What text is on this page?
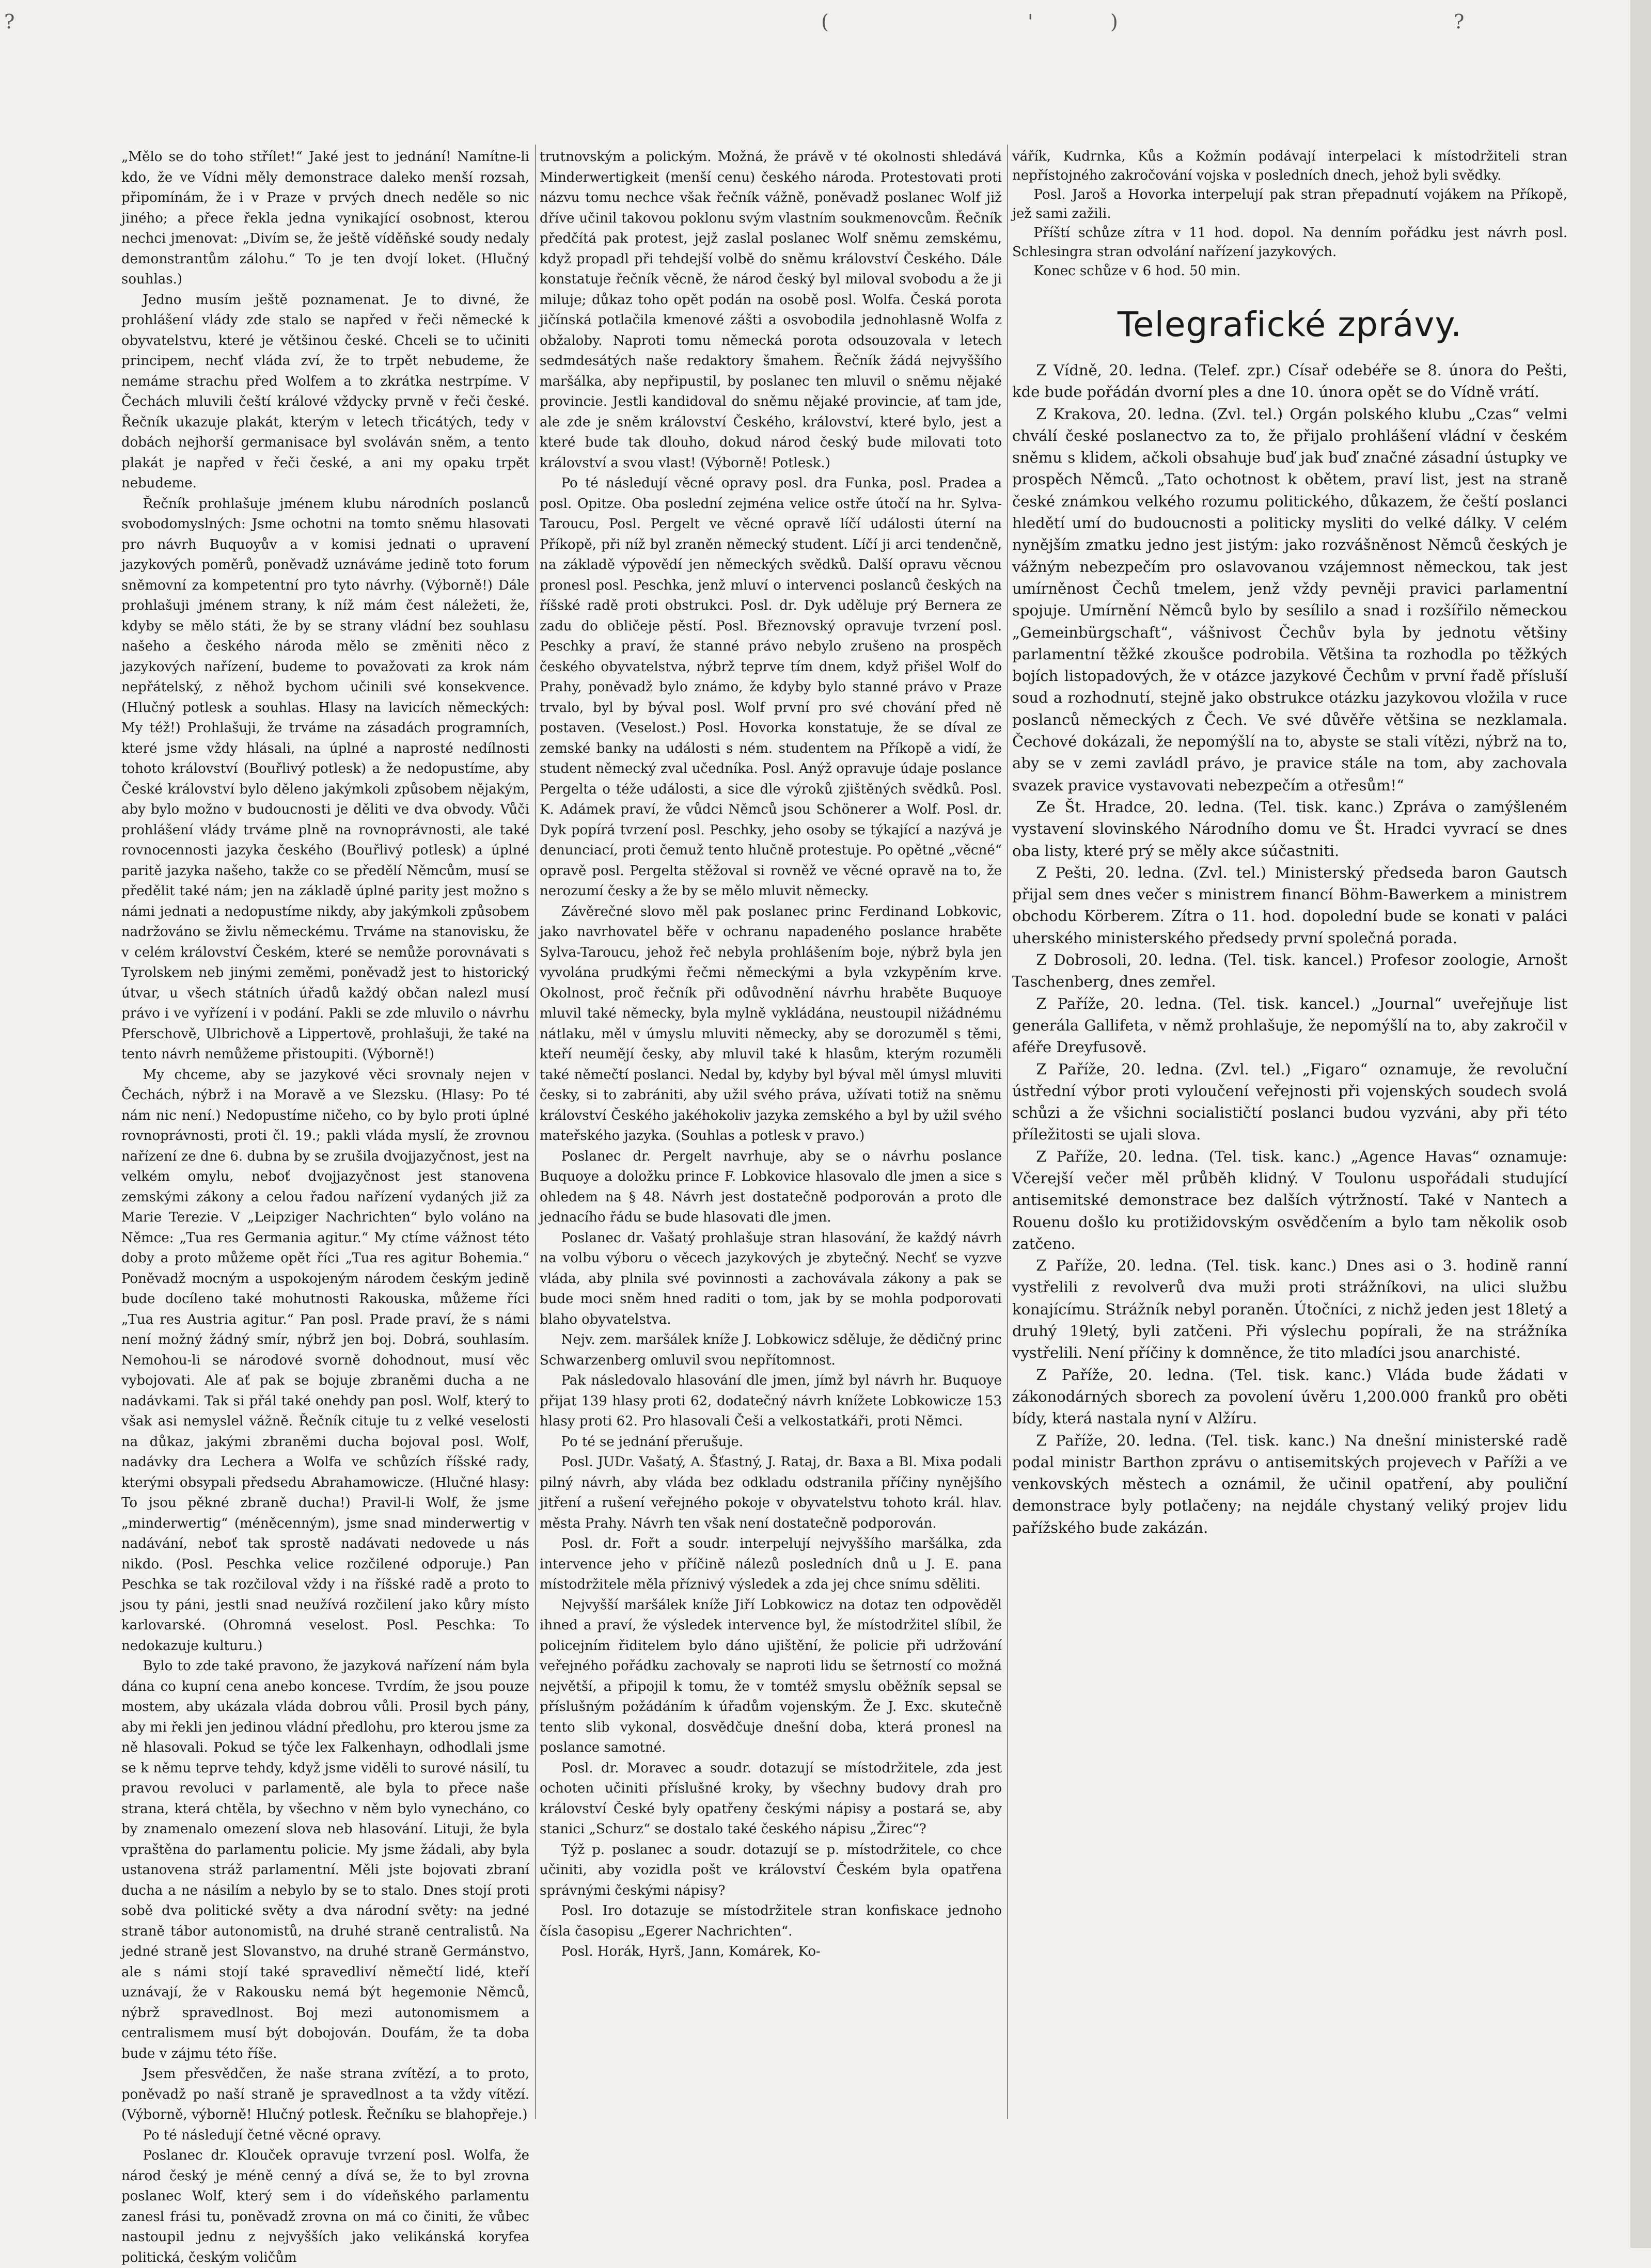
?	(	'	)	?

„Mělo se do toho střílet!“ Jaké jest to jednání! Namítne-li kdo, že ve Vídni měly demonstrace daleko menší rozsah, připomínám, že i v Praze v prvých dnech neděle so nic jiného; a přece řekla jedna vynikající osobnost, kterou nechci jmenovat: „Divím se, že ještě víděňské soudy nedaly demonstrantům zálohu.“ To je ten dvojí loket. (Hlučný souhlas.)

Jedno musím ještě poznamenat. Je to divné, že prohlášení vlády zde stalo se napřed v řeči německé k obyvatelstvu, které je většinou české. Chceli se to učiniti principem, nechť vláda zví, že to trpět nebudeme, že nemáme strachu před Wolfem a to zkrátka nestrpíme. V Čechách mluvili čeští králové vždycky prvně v řeči české. Řečník ukazuje plakát, kterým v letech třicátých, tedy v dobách nejhorší germanisace byl svoláván sněm, a tento plakát je napřed v řeči české, a ani my opaku trpět nebudeme.

Řečník prohlašuje jménem klubu národních poslanců svobodomyslných: Jsme ochotni na tomto sněmu hlasovati pro návrh Buquoyův a v komisi jednati o upravení jazykových poměrů, poněvadž uznáváme jedině toto forum sněmovní za kompetentní pro tyto návrhy. (Výborně!) Dále prohlašuji jménem strany, k níž mám čest náležeti, že, kdyby se mělo státi, že by se strany vládní bez souhlasu našeho a českého národa mělo se změniti něco z jazykových nařízení, budeme to považovati za krok nám nepřátelský, z něhož bychom učinili své konsekvence. (Hlučný potlesk a souhlas. Hlasy na lavicích německých: My též!) Prohlašuji, že trváme na zásadách programních, které jsme vždy hlásali, na úplné a naprosté nedílnosti tohoto království (Bouřlivý potlesk) a že nedopustíme, aby České království bylo děleno jakýmkoli způsobem nějakým, aby bylo možno v budoucnosti je děliti ve dva obvody. Vůči prohlášení vlády trváme plně na rovnoprávnosti, ale také rovnocennosti jazyka českého (Bouřlivý potlesk) a úplné paritě jazyka našeho, takže co se předělí Němcům, musí se předělit také nám; jen na základě úplné parity jest možno s námi jednati a nedopustíme nikdy, aby jakýmkoli způsobem nadržováno se živlu německému. Trváme na stanovisku, že v celém království Českém, které se nemůže porovnávati s Tyrolskem neb jinými zeměmi, poněvadž jest to historický útvar, u všech státních úřadů každý občan nalezl musí právo i ve vyřízení i v podání. Pakli se zde mluvilo o návrhu Pferschově, Ulbrichově a Lippertově, prohlašuji, že také na tento návrh nemůžeme přistoupiti. (Výborně!)

My chceme, aby se jazykové věci srovnaly nejen v Čechách, nýbrž i na Moravě a ve Slezsku. (Hlasy: Po té nám nic není.) Nedopustíme ničeho, co by bylo proti úplné rovnoprávnosti, proti čl. 19.; pakli vláda myslí, že zrovnou nařízení ze dne 6. dubna by se zrušila dvojjazyčnost, jest na velkém omylu, neboť dvojjazyčnost jest stanovena zemskými zákony a celou řadou nařízení vydaných již za Marie Terezie. V „Leipziger Nachrichten“ bylo voláno na Němce: „Tua res Germania agitur.“ My ctíme vážnost této doby a proto můžeme opět říci „Tua res agitur Bohemia.“ Poněvadž mocným a uspokojeným národem českým jedině bude docíleno také mohutnosti Rakouska, můžeme říci „Tua res Austria agitur.“ Pan posl. Prade praví, že s námi není možný žádný smír, nýbrž jen boj. Dobrá, souhlasím. Nemohou-li se národové svorně dohodnout, musí věc vybojovati. Ale ať pak se bojuje zbraněmi ducha a ne nadávkami. Tak si přál také onehdy pan posl. Wolf, který to však asi nemyslel vážně. Řečník cituje tu z velké veselosti na důkaz, jakými zbraněmi ducha bojoval posl. Wolf, nadávky dra Lechera a Wolfa ve schůzích říšské rady, kterými obsypali předsedu Abrahamowicze. (Hlučné hlasy: To jsou pěkné zbraně ducha!) Pravil-li Wolf, že jsme „minderwertig“ (méněcenným), jsme snad minderwertig v nadávání, neboť tak sprostě nadávati nedovede u nás nikdo. (Posl. Peschka velice rozčilené odporuje.) Pan Peschka se tak rozčiloval vždy i na říšské radě a proto to jsou ty páni, jestli snad neužívá rozčilení jako kůry místo karlovarské. (Ohromná veselost. Posl. Peschka: To nedokazuje kulturu.)

Bylo to zde také pravono, že jazyková nařízení nám byla dána co kupní cena anebo koncese. Tvrdím, že jsou pouze mostem, aby ukázala vláda dobrou vůli. Prosil bych pány, aby mi řekli jen jedinou vládní předlohu, pro kterou jsme za ně hlasovali. Pokud se týče lex Falkenhayn, odhodlali jsme se k němu teprve tehdy, když jsme viděli to surové násilí, tu pravou revoluci v parlamentě, ale byla to přece naše strana, která chtěla, by všechno v něm bylo vynecháno, co by znamenalo omezení slova neb hlasování. Lituji, že byla vpraštěna do parlamentu policie. My jsme žádali, aby byla ustanovena stráž parlamentní. Měli jste bojovati zbraní ducha a ne násilím a nebylo by se to stalo. Dnes stojí proti sobě dva politické světy a dva národní světy: na jedné straně tábor autonomistů, na druhé straně centralistů. Na jedné straně jest Slovanstvo, na druhé straně Germánstvo, ale s námi stojí také spravedliví němečtí lidé, kteří uznávají, že v Rakousku nemá být hegemonie Němců, nýbrž spravedlnost. Boj mezi autonomismem a centralismem musí být dobojován. Doufám, že ta doba bude v zájmu této říše.

Jsem přesvědčen, že naše strana zvítězí, a to proto, poněvadž po naší straně je spravedlnost a ta vždy vítězí. (Výborně, výborně! Hlučný potlesk. Řečníku se blahopřeje.)

Po té následují četné věcné opravy.

Poslanec dr. Klouček opravuje tvrzení posl. Wolfa, že národ český je méně cenný a dívá se, že to byl zrovna poslanec Wolf, který sem i do vídeňského parlamentu zanesl frási tu, poněvadž zrovna on má co činiti, že vůbec nastoupil jednu z nejvyšších jako velikánská koryfea politická, českým voličům

trutnovským a polickým. Možná, že právě v té okolnosti shledává Minderwertigkeit (menší cenu) českého národa. Protestovati proti názvu tomu nechce však řečník vážně, poněvadž poslanec Wolf již dříve učinil takovou poklonu svým vlastním soukmenovcům. Řečník předčítá pak protest, jejž zaslal poslanec Wolf sněmu zemskému, když propadl při tehdejší volbě do sněmu království Českého. Dále konstatuje řečník věcně, že národ český byl miloval svobodu a že ji miluje; důkaz toho opět podán na osobě posl. Wolfa. Česká porota jičínská potlačila kmenové zášti a osvobodila jednohlasně Wolfa z obžaloby. Naproti tomu německá porota odsouzovala v letech sedmdesátých naše redaktory šmahem. Řečník žádá nejvyššího maršálka, aby nepřipustil, by poslanec ten mluvil o sněmu nějaké provincie. Jestli kandidoval do sněmu nějaké provincie, ať tam jde, ale zde je sněm království Českého, království, které bylo, jest a které bude tak dlouho, dokud národ český bude milovati toto království a svou vlast! (Výborně! Potlesk.)

Po té následují věcné opravy posl. dra Funka, posl. Pradea a posl. Opitze. Oba poslední zejména velice ostře útočí na hr. Sylva-Taroucu, Posl. Pergelt ve věcné opravě líčí události úterní na Příkopě, při níž byl zraněn německý student. Líčí ji arci tendenčně, na základě výpovědí jen německých svědků. Další opravu věcnou pronesl posl. Peschka, jenž mluví o intervenci poslanců českých na říšské radě proti obstrukci. Posl. dr. Dyk uděluje prý Bernera ze zadu do obličeje pěstí. Posl. Březnovský opravuje tvrzení posl. Peschky a praví, že stanné právo nebylo zrušeno na prospěch českého obyvatelstva, nýbrž teprve tím dnem, když přišel Wolf do Prahy, poněvadž bylo známo, že kdyby bylo stanné právo v Praze trvalo, byl by býval posl. Wolf první pro své chování před ně postaven. (Veselost.) Posl. Hovorka konstatuje, že se díval ze zemské banky na události s ném. studentem na Příkopě a vidí, že student německý zval učedníka. Posl. Anýž opravuje údaje poslance Pergelta o téže události, a sice dle výroků zjištěných svědků. Posl. K. Adámek praví, že vůdci Němců jsou Schönerer a Wolf. Posl. dr. Dyk popírá tvrzení posl. Peschky, jeho osoby se týkající a nazývá je denunciací, proti čemuž tento hlučně protestuje. Po opětné „věcné“ opravě posl. Pergelta stěžoval si rovněž ve věcné opravě na to, že nerozumí česky a že by se mělo mluvit německy.

Závěrečné slovo měl pak poslanec princ Ferdinand Lobkovic, jako navrhovatel běře v ochranu napadeného poslance hraběte Sylva-Taroucu, jehož řeč nebyla prohlášením boje, nýbrž byla jen vyvolána prudkými řečmi německými a byla vzkypěním krve. Okolnost, proč řečník při odůvodnění návrhu hraběte Buquoye mluvil také německy, byla mylně vykládána, neustoupil nižádnému nátlaku, měl v úmyslu mluviti německy, aby se dorozuměl s těmi, kteří neumějí česky, aby mluvil také k hlasům, kterým rozuměli také němečtí poslanci. Nedal by, kdyby byl býval měl úmysl mluviti česky, si to zabrániti, aby užil svého práva, užívati totiž na sněmu království Českého jakéhokoliv jazyka zemského a byl by užil svého mateřského jazyka. (Souhlas a potlesk v pravo.)

Poslanec dr. Pergelt navrhuje, aby se o návrhu poslance Buquoye a doložku prince F. Lobkovice hlasovalo dle jmen a sice s ohledem na § 48. Návrh jest dostatečně podporován a proto dle jednacího řádu se bude hlasovati dle jmen.

Poslanec dr. Vašatý prohlašuje stran hlasování, že každý návrh na volbu výboru o věcech jazykových je zbytečný. Nechť se vyzve vláda, aby plnila své povinnosti a zachovávala zákony a pak se bude moci sněm hned raditi o tom, jak by se mohla podporovati blaho obyvatelstva.

Nejv. zem. maršálek kníže J. Lobkowicz sděluje, že dědičný princ Schwarzenberg omluvil svou nepřítomnost.

Pak následovalo hlasování dle jmen, jímž byl návrh hr. Buquoye přijat 139 hlasy proti 62, dodatečný návrh knížete Lobkowicze 153 hlasy proti 62. Pro hlasovali Češi a velkostatkáři, proti Němci.

Po té se jednání přerušuje.

Posl. JUDr. Vašatý, A. Šťastný, J. Rataj, dr. Baxa a Bl. Mixa podali pilný návrh, aby vláda bez odkladu odstranila příčiny nynějšího jitření a rušení veřejného pokoje v obyvatelstvu tohoto král. hlav. města Prahy. Návrh ten však není dostatečně podporován.

Posl. dr. Fořt a soudr. interpelují nejvyššího maršálka, zda intervence jeho v příčině nálezů posledních dnů u J. E. pana místodržitele měla příznivý výsledek a zda jej chce snímu sděliti.

Nejvyšší maršálek kníže Jiří Lobkowicz na dotaz ten odpověděl ihned a praví, že výsledek intervence byl, že místodržitel slíbil, že policejním řiditelem bylo dáno ujištění, že policie při udržování veřejného pořádku zachovaly se naproti lidu se šetrností co možná největší, a připojil k tomu, že v tomtéž smyslu oběžník sepsal se příslušným požádáním k úřadům vojenským. Že J. Exc. skutečně tento slib vykonal, dosvědčuje dnešní doba, která pronesl na poslance samotné.

Posl. dr. Moravec a soudr. dotazují se místodržitele, zda jest ochoten učiniti příslušné kroky, by všechny budovy drah pro království České byly opatřeny českými nápisy a postará se, aby stanici „Schurz“ se dostalo také českého nápisu „Žirec“?

Týž p. poslanec a soudr. dotazují se p. místodržitele, co chce učiniti, aby vozidla pošt ve království Českém byla opatřena správnými českými nápisy?

Posl. Iro dotazuje se místodržitele stran konfiskace jednoho čísla časopisu „Egerer Nachrichten“.

Posl. Horák, Hyrš, Jann, Komárek, Ko-

vářík, Kudrnka, Kůs a Kožmín podávají interpelaci k místodržiteli stran nepřístojného zakročování vojska v posledních dnech, jehož byli svědky.

Posl. Jaroš a Hovorka interpelují pak stran přepadnutí vojákem na Příkopě, jež sami zažili.

Příští schůze zítra v 11 hod. dopol. Na denním pořádku jest návrh posl. Schlesingra stran odvolání nařízení jazykových.

Konec schůze v 6 hod. 50 min.

Telegrafické zprávy.

Z Vídně, 20. ledna. (Telef. zpr.) Císař odebéře se 8. února do Pešti, kde bude pořádán dvorní ples a dne 10. února opět se do Vídně vrátí.

Z Krakova, 20. ledna. (Zvl. tel.) Orgán polského klubu „Czas“ velmi chválí české poslanectvo za to, že přijalo prohlášení vládní v českém sněmu s klidem, ačkoli obsahuje buď jak buď značné zásadní ústupky ve prospěch Němců. „Tato ochotnost k obětem, praví list, jest na straně české známkou velkého rozumu politického, důkazem, že čeští poslanci hledětí umí do budoucnosti a politicky mysliti do velké dálky. V celém nynějším zmatku jedno jest jistým: jako rozvášněnost Němců českých je vážným nebezpečím pro oslavovanou vzájemnost německou, tak jest umírněnost Čechů tmelem, jenž vždy pevněji pravici parlamentní spojuje. Umírnění Němců bylo by sesílilo a snad i rozšířilo německou „Gemeinbürgschaft“, vášnivost Čechův byla by jednotu většiny parlamentní těžké zkoušce podrobila. Většina ta rozhodla po těžkých bojích listopadových, že v otázce jazykové Čechům v první řadě přísluší soud a rozhodnutí, stejně jako obstrukce otázku jazykovou vložila v ruce poslanců německých z Čech. Ve své důvěře většina se nezklamala. Čechové dokázali, že nepomýšlí na to, abyste se stali vítězi, nýbrž na to, aby se v zemi zavládl právo, je pravice stále na tom, aby zachovala svazek pravice vystavovati nebezpečím a otřesům!“

Ze Št. Hradce, 20. ledna. (Tel. tisk. kanc.) Zpráva o zamýšleném vystavení slovinského Národního domu ve Št. Hradci vyvrací se dnes oba listy, které prý se měly akce súčastniti.

Z Pešti, 20. ledna. (Zvl. tel.) Ministerský předseda baron Gautsch přijal sem dnes večer s ministrem financí Böhm-Bawerkem a ministrem obchodu Körberem. Zítra o 11. hod. dopolední bude se konati v paláci uherského ministerského předsedy první společná porada.

Z Dobrosoli, 20. ledna. (Tel. tisk. kancel.) Profesor zoologie, Arnošt Taschenberg, dnes zemřel.

Z Paříže, 20. ledna. (Tel. tisk. kancel.) „Journal“ uveřejňuje list generála Gallifeta, v němž prohlašuje, že nepomýšlí na to, aby zakročil v aféře Dreyfusově.

Z Paříže, 20. ledna. (Zvl. tel.) „Figaro“ oznamuje, že revoluční ústřední výbor proti vyloučení veřejnosti při vojenských soudech svolá schůzi a že všichni socialističtí poslanci budou vyzváni, aby při této příležitosti se ujali slova.

Z Paříže, 20. ledna. (Tel. tisk. kanc.) „Agence Havas“ oznamuje: Včerejší večer měl průběh klidný. V Toulonu uspořádali studující antisemitské demonstrace bez dalších výtržností. Také v Nantech a Rouenu došlo ku protižidovským osvědčením a bylo tam několik osob zatčeno.

Z Paříže, 20. ledna. (Tel. tisk. kanc.) Dnes asi o 3. hodině ranní vystřelili z revolverů dva muži proti strážníkovi, na ulici službu konajícímu. Strážník nebyl poraněn. Útočníci, z nichž jeden jest 18letý a druhý 19letý, byli zatčeni. Při výslechu popírali, že na strážníka vystřelili. Není příčiny k domněnce, že tito mladíci jsou anarchisté.

Z Paříže, 20. ledna. (Tel. tisk. kanc.) Vláda bude žádati v zákonodárných sborech za povolení úvěru 1,200.000 franků pro oběti bídy, která nastala nyní v Alžíru.

Z Paříže, 20. ledna. (Tel. tisk. kanc.) Na dnešní ministerské radě podal ministr Barthon zprávu o antisemitských projevech v Paříži a ve venkovských městech a oznámil, že učinil opatření, aby pouliční demonstrace byly potlačeny; na nejdále chystaný veliký projev lidu pařížského bude zakázán.
